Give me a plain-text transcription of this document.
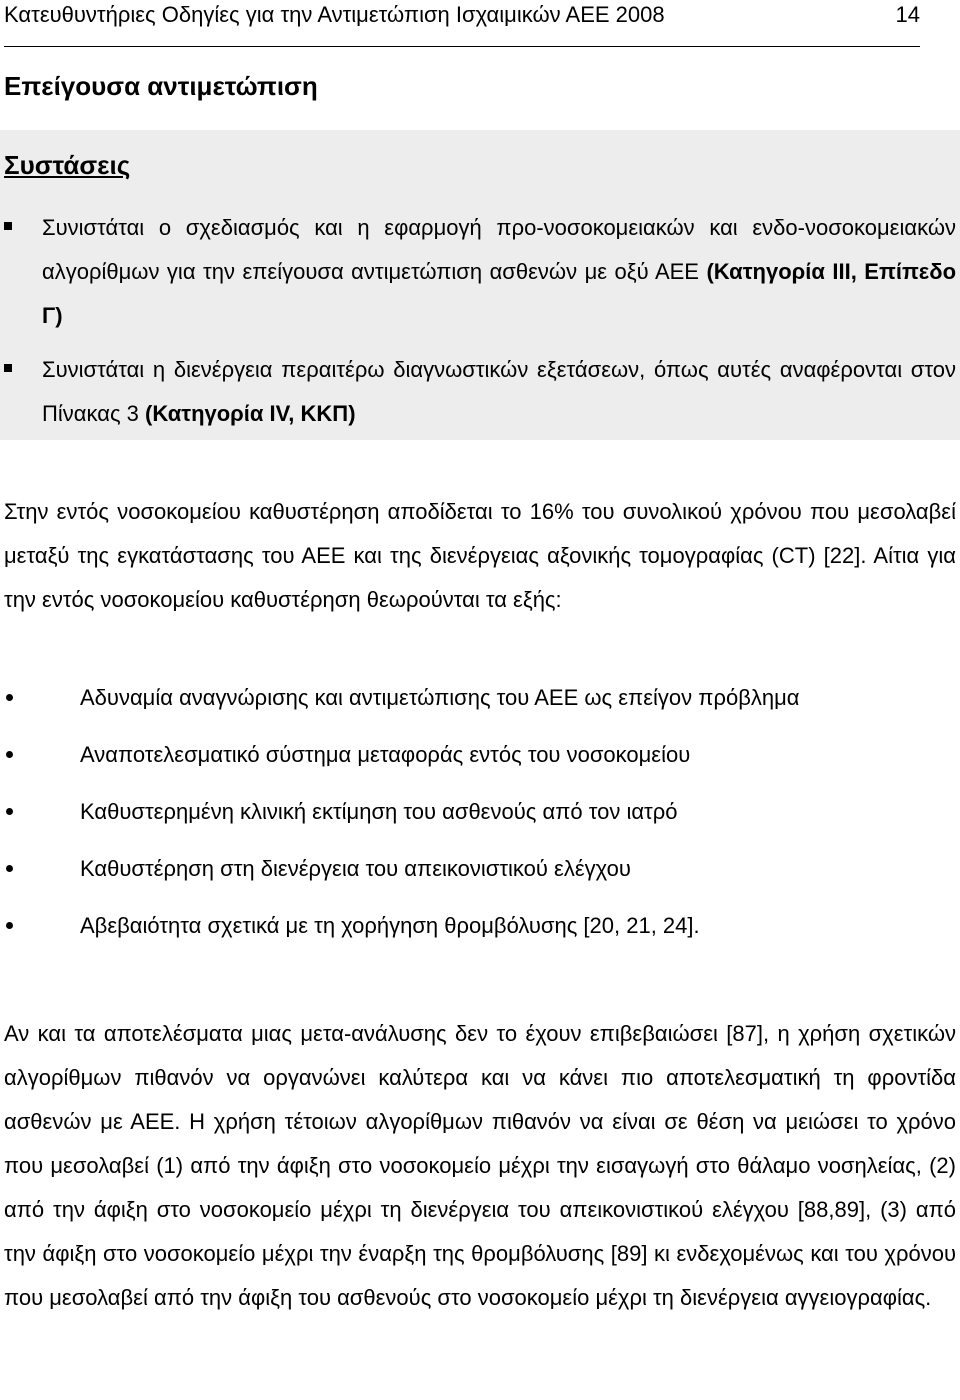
Κατευθυντήριες Οδηγίες για την Αντιμετώπιση Ισχαιμικών ΑΕΕ 2008	14
Επείγουσα αντιμετώπιση
Συστάσεις
Συνιστάται ο σχεδιασμός και η εφαρμογή προ-νοσοκομειακών και ενδο-νοσοκομειακών αλγορίθμων για την επείγουσα αντιμετώπιση ασθενών με οξύ ΑΕΕ (Κατηγορία ΙΙΙ, Επίπεδο Γ)
Συνιστάται η διενέργεια περαιτέρω διαγνωστικών εξετάσεων, όπως αυτές αναφέρονται στον Πίνακας 3 (Κατηγορία ΙV, ΚΚΠ)

Στην εντός νοσοκομείου καθυστέρηση αποδίδεται το 16% του συνολικού χρόνου που μεσολαβεί μεταξύ της εγκατάστασης του ΑΕΕ και της διενέργειας αξονικής τομογραφίας (CT) [22]. Αίτια για την εντός νοσοκομείου καθυστέρηση θεωρούνται τα εξής:

Αδυναμία αναγνώρισης και αντιμετώπισης του ΑΕΕ ως επείγον πρόβλημα
Αναποτελεσματικό σύστημα μεταφοράς εντός του νοσοκομείου
Καθυστερημένη κλινική εκτίμηση του ασθενούς από τον ιατρό
Καθυστέρηση στη διενέργεια του απεικονιστικού ελέγχου
Αβεβαιότητα σχετικά με τη χορήγηση θρομβόλυσης [20, 21, 24].

Αν και τα αποτελέσματα μιας μετα-ανάλυσης δεν το έχουν επιβεβαιώσει [87], η χρήση σχετικών αλγορίθμων πιθανόν να οργανώνει καλύτερα και να κάνει πιο αποτελεσματική τη φροντίδα ασθενών με ΑΕΕ. Η χρήση τέτοιων αλγορίθμων πιθανόν να είναι σε θέση να μειώσει το χρόνο που μεσολαβεί (1) από την άφιξη στο νοσοκομείο μέχρι την εισαγωγή στο θάλαμο νοσηλείας, (2) από την άφιξη στο νοσοκομείο μέχρι τη διενέργεια του απεικονιστικού ελέγχου [88,89], (3) από την άφιξη στο νοσοκομείο μέχρι την έναρξη της θρομβόλυσης [89] κι ενδεχομένως και του χρόνου που μεσολαβεί από την άφιξη του ασθενούς στο νοσοκομείο μέχρι τη διενέργεια αγγειογραφίας.
